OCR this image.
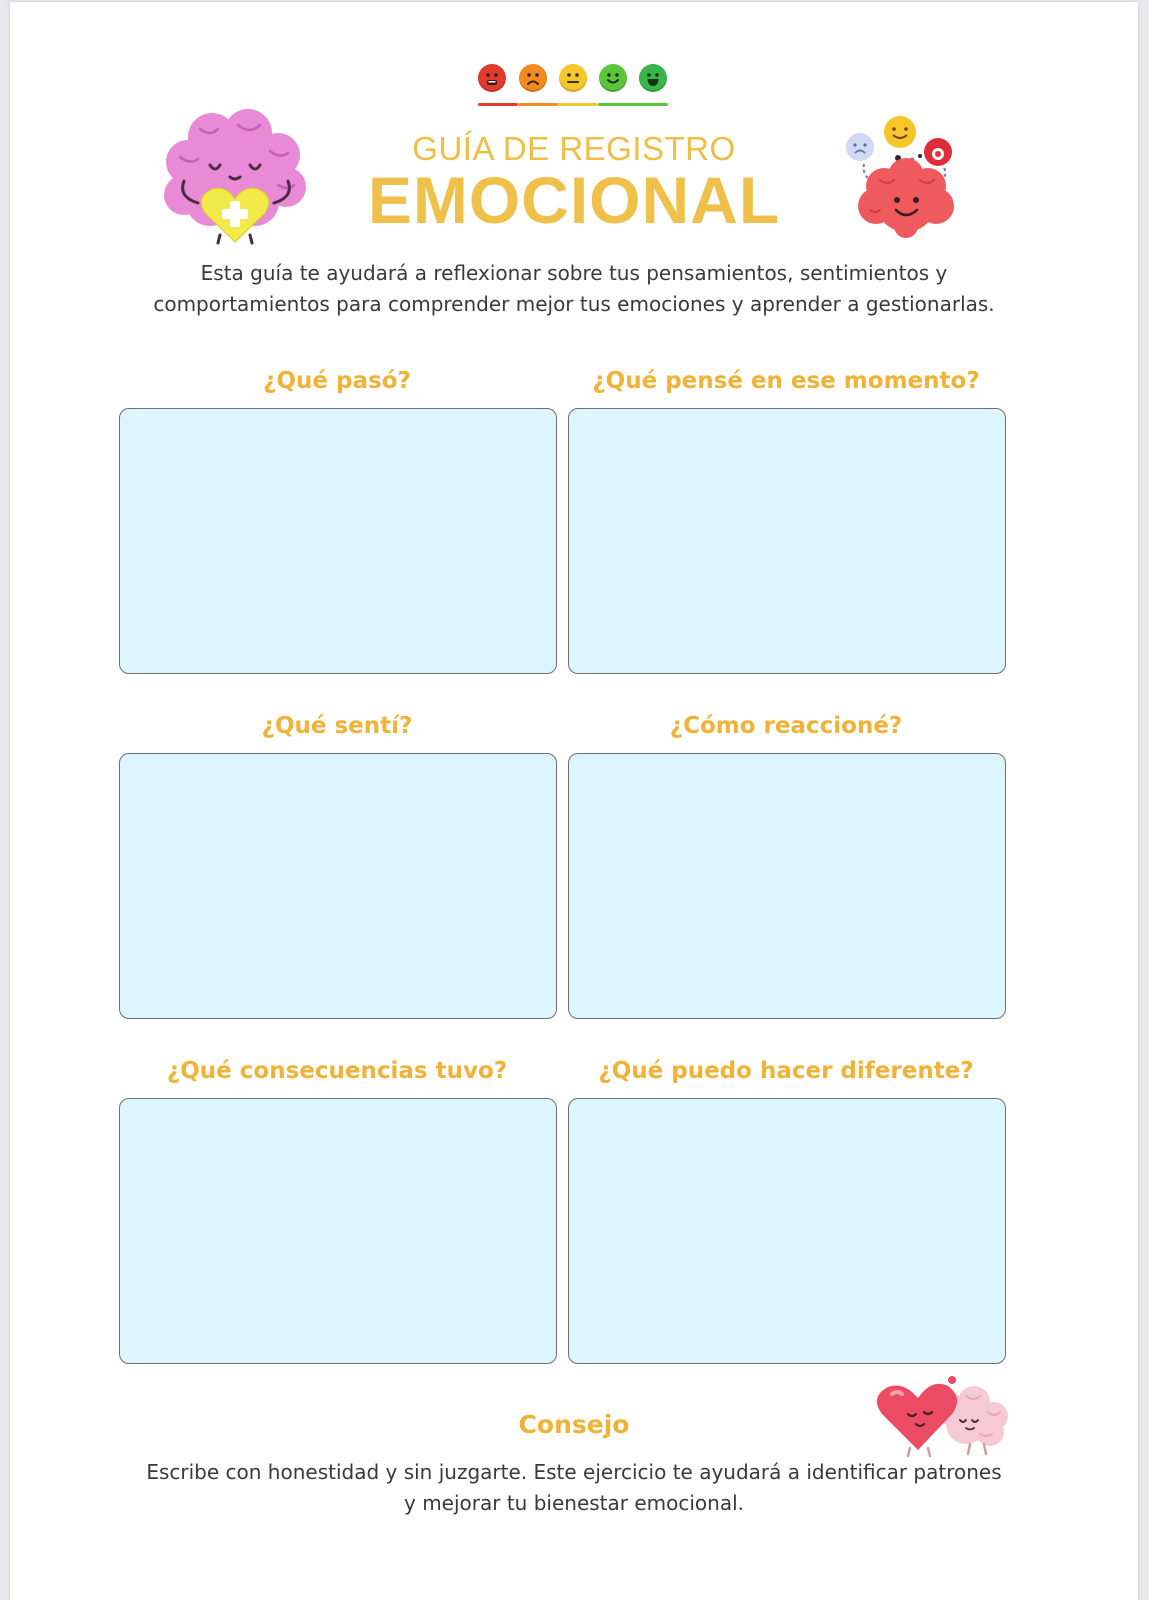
GUÍA DE REGISTRO
EMOCIONAL
Esta guía te ayudará a reflexionar sobre tus pensamientos, sentimientos y
comportamientos para comprender mejor tus emociones y aprender a gestionarlas.
¿Qué pasó?	¿Qué pensé en ese momento?
¿Qué sentí?	¿Cómo reaccioné?
¿Qué consecuencias tuvo?	¿Qué puedo hacer diferente?
Consejo
Escribe con honestidad y sin juzgarte. Este ejercicio te ayudará a identificar patrones
y mejorar tu bienestar emocional.
